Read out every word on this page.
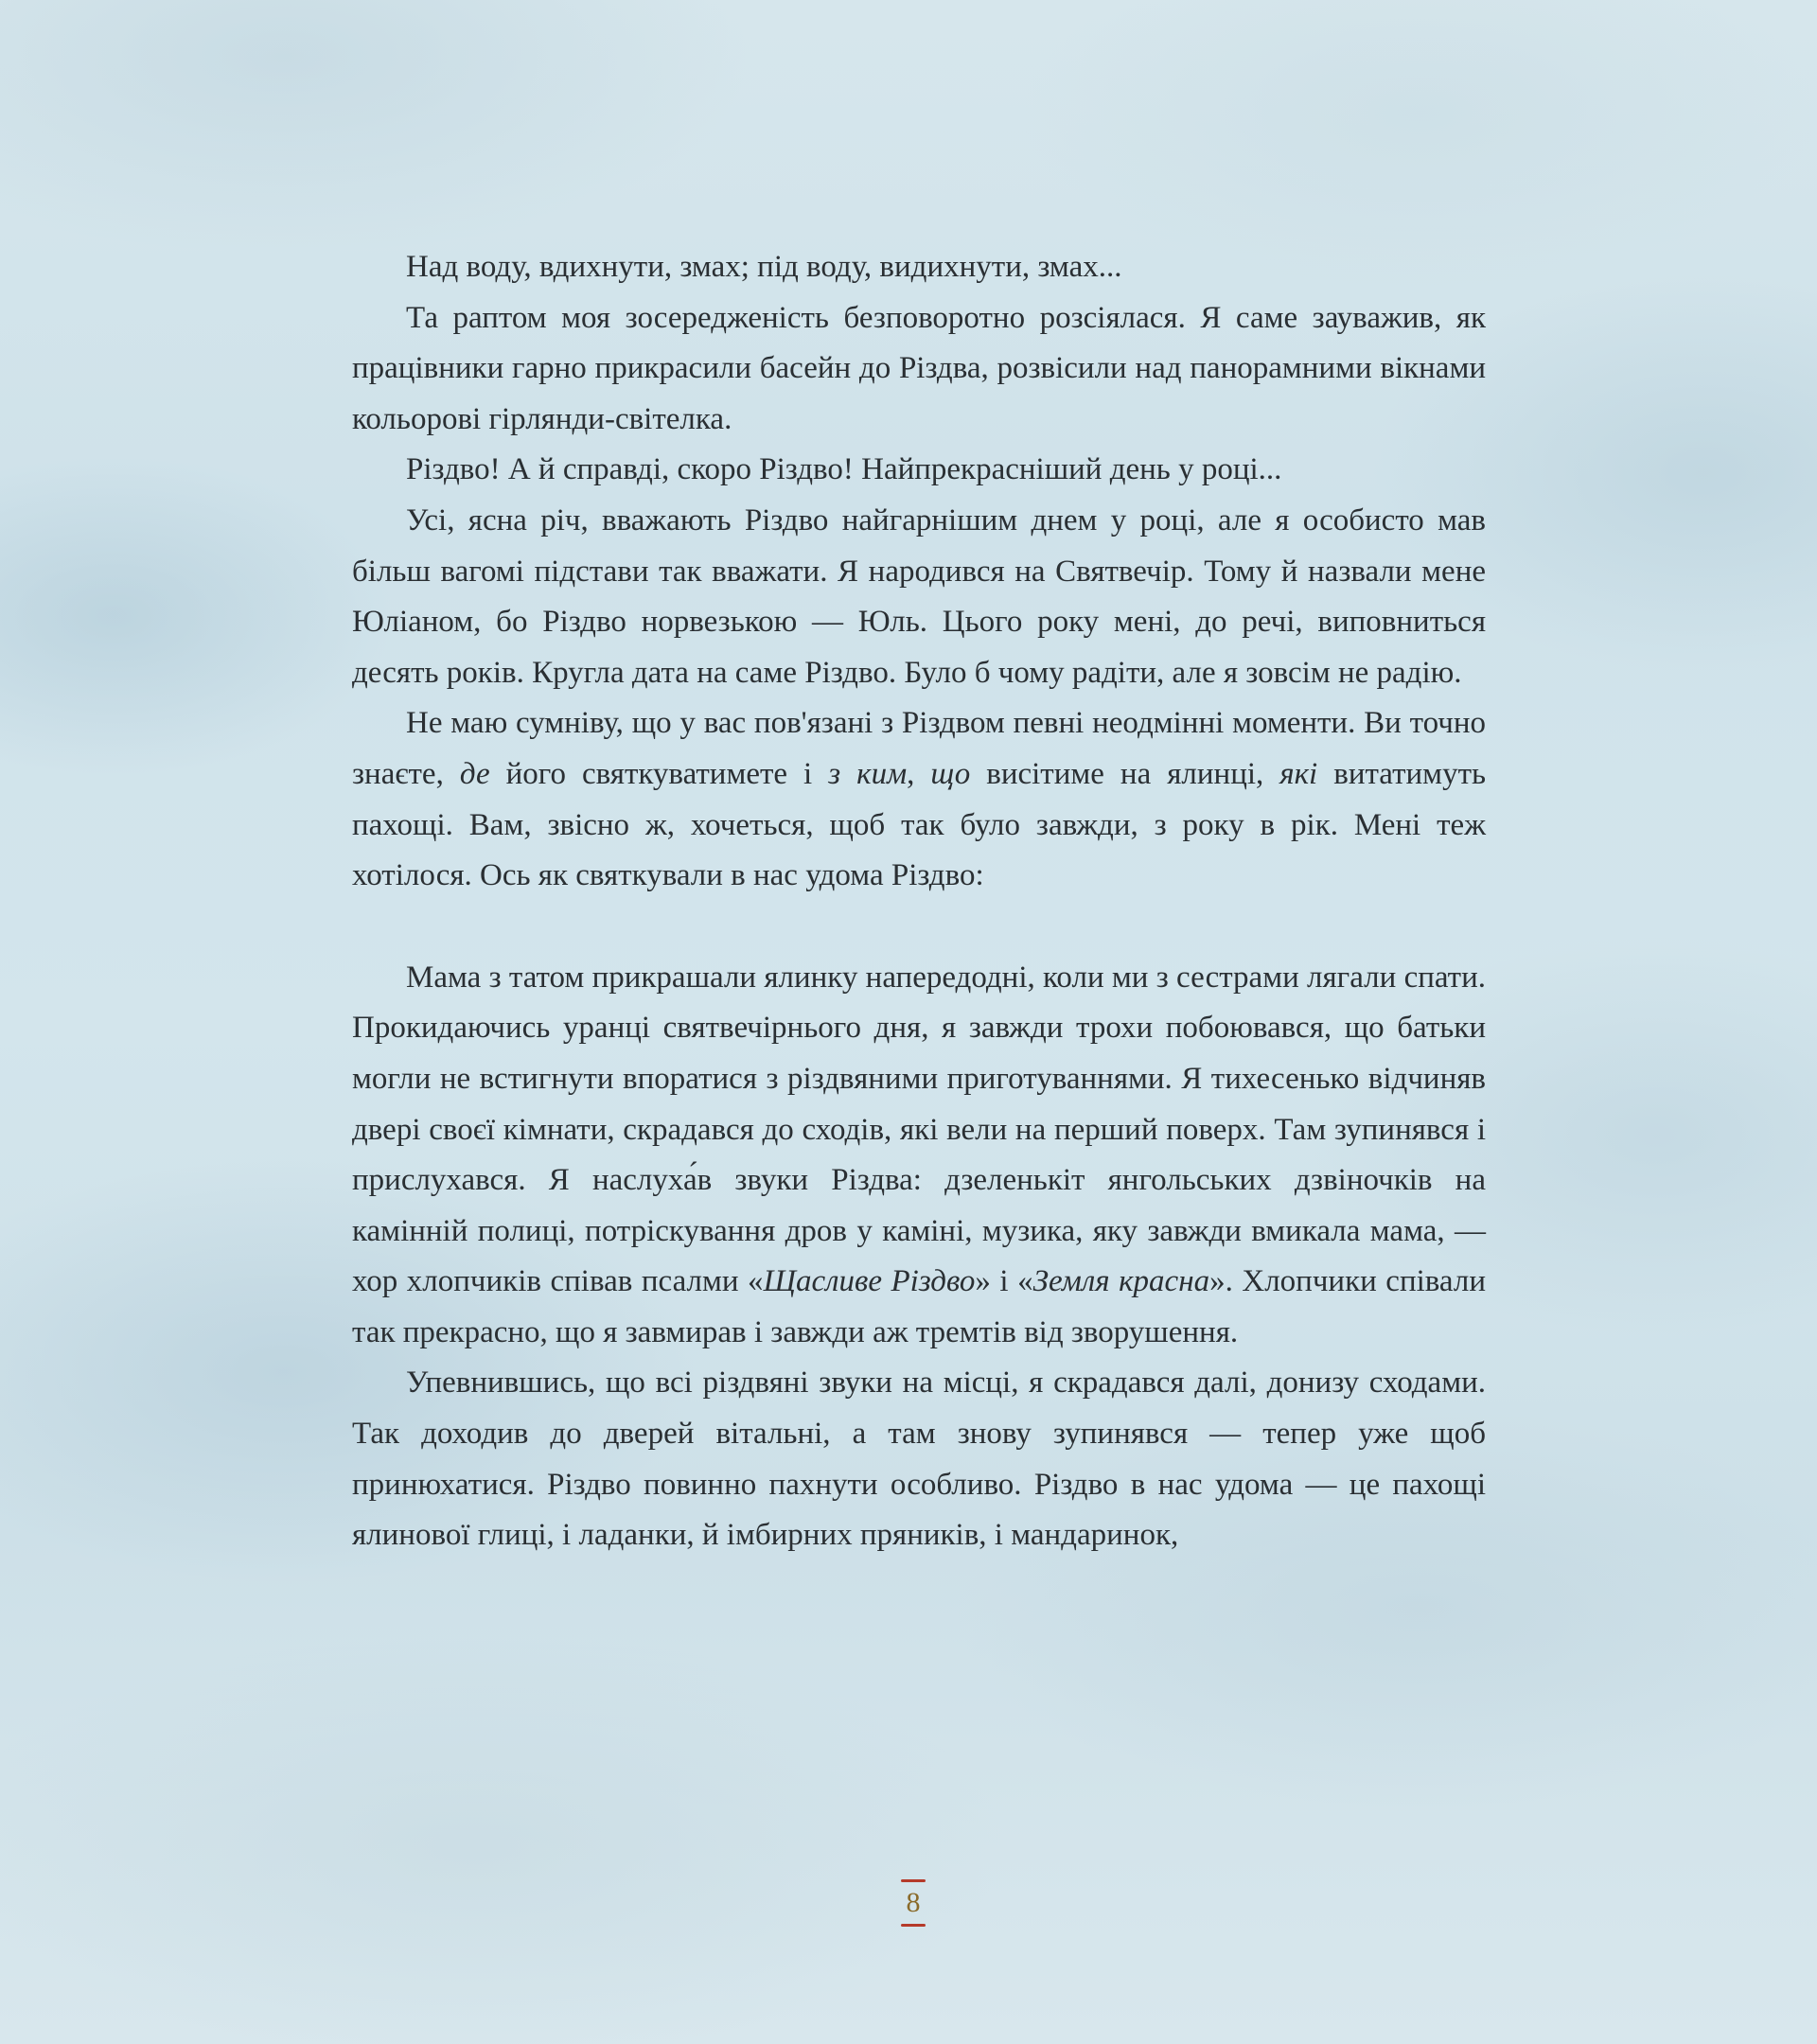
Над воду, вдихнути, змах; під воду, видихнути, змах...

Та раптом моя зосередженість безповоротно розсіялася. Я саме зауважив, як працівники гарно прикрасили басейн до Різдва, розвісили над панорамними вікнами кольорові гірлянди-світелка.

Різдво! А й справді, скоро Різдво! Найпрекрасніший день у році...

Усі, ясна річ, вважають Різдво найгарнішим днем у році, але я особисто мав більш вагомі підстави так вважати. Я народився на Святвечір. Тому й назвали мене Юліаном, бо Різдво норвезькою — Юль. Цього року мені, до речі, виповниться десять років. Кругла дата на саме Різдво. Було б чому радіти, але я зовсім не радію.

Не маю сумніву, що у вас пов'язані з Різдвом певні неодмінні моменти. Ви точно знаєте, де його святкуватимете і з ким, що висітиме на ялинці, які витатимуть пахощі. Вам, звісно ж, хочеться, щоб так було завжди, з року в рік. Мені теж хотілося. Ось як святкували в нас удома Різдво:

Мама з татом прикрашали ялинку напередодні, коли ми з сестрами лягали спати. Прокидаючись уранці святвечірнього дня, я завжди трохи побоювався, що батьки могли не встигнути впоратися з різдвяними приготуваннями. Я тихесенько відчиняв двері своєї кімнати, скрадався до сходів, які вели на перший поверх. Там зупинявся і прислухався. Я наслуха́в звуки Різдва: дзеленькіт янгольських дзвіночків на камінній полиці, потріскування дров у каміні, музика, яку завжди вмикала мама, — хор хлопчиків співав псалми «Щасливе Різдво» і «Земля красна». Хлопчики співали так прекрасно, що я завмирав і завжди аж тремтів від зворушення.

Упевнившись, що всі різдвяні звуки на місці, я скрадався далі, донизу сходами. Так доходив до дверей вітальні, а там знову зупинявся — тепер уже щоб принюхатися. Різдво повинно пахнути особливо. Різдво в нас удома — це пахощі ялинової глиці, і ладанки, й імбирних пряників, і мандаринок,

8
